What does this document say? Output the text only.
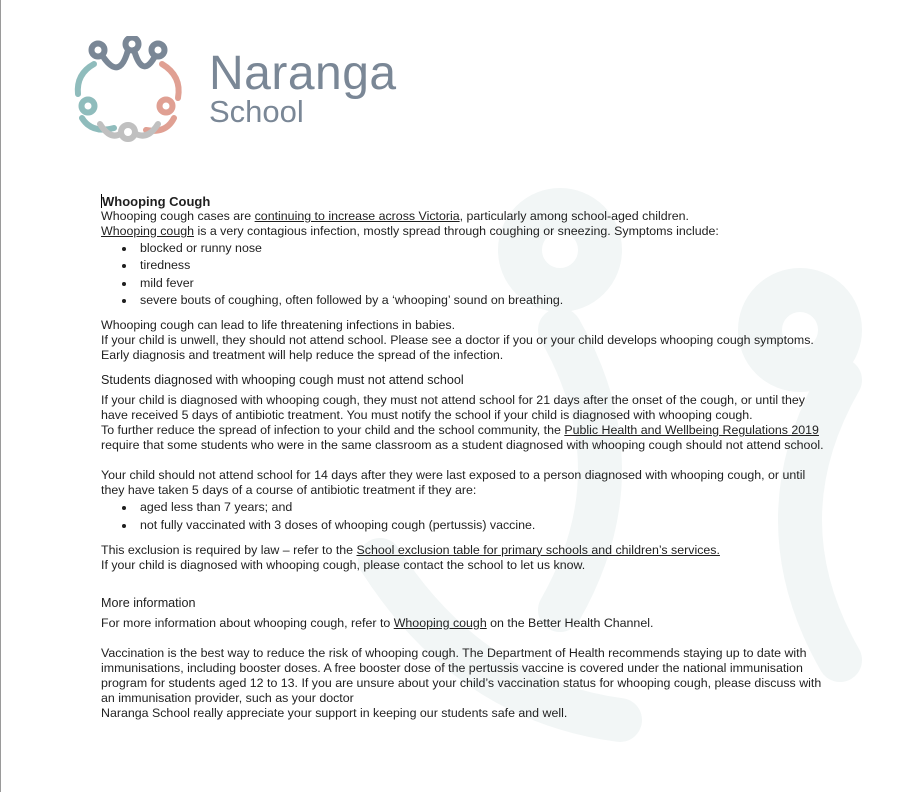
Naranga
School

Whooping Cough

Whooping cough cases are continuing to increase across Victoria, particularly among school-aged children.

Whooping cough is a very contagious infection, mostly spread through coughing or sneezing. Symptoms include:

blocked or runny nose
tiredness
mild fever
severe bouts of coughing, often followed by a ‘whooping’ sound on breathing.

Whooping cough can lead to life threatening infections in babies.

If your child is unwell, they should not attend school. Please see a doctor if you or your child develops whooping cough symptoms. Early diagnosis and treatment will help reduce the spread of the infection.

Students diagnosed with whooping cough must not attend school

If your child is diagnosed with whooping cough, they must not attend school for 21 days after the onset of the cough, or until they have received 5 days of antibiotic treatment. You must notify the school if your child is diagnosed with whooping cough.

To further reduce the spread of infection to your child and the school community, the Public Health and Wellbeing Regulations 2019 require that some students who were in the same classroom as a student diagnosed with whooping cough should not attend school.

Your child should not attend school for 14 days after they were last exposed to a person diagnosed with whooping cough, or until they have taken 5 days of a course of antibiotic treatment if they are:

aged less than 7 years; and
not fully vaccinated with 3 doses of whooping cough (pertussis) vaccine.

This exclusion is required by law – refer to the School exclusion table for primary schools and children’s services.

If your child is diagnosed with whooping cough, please contact the school to let us know.

More information

For more information about whooping cough, refer to Whooping cough on the Better Health Channel.

Vaccination is the best way to reduce the risk of whooping cough. The Department of Health recommends staying up to date with immunisations, including booster doses. A free booster dose of the pertussis vaccine is covered under the national immunisation program for students aged 12 to 13. If you are unsure about your child’s vaccination status for whooping cough, please discuss with an immunisation provider, such as your doctor

Naranga School really appreciate your support in keeping our students safe and well.
